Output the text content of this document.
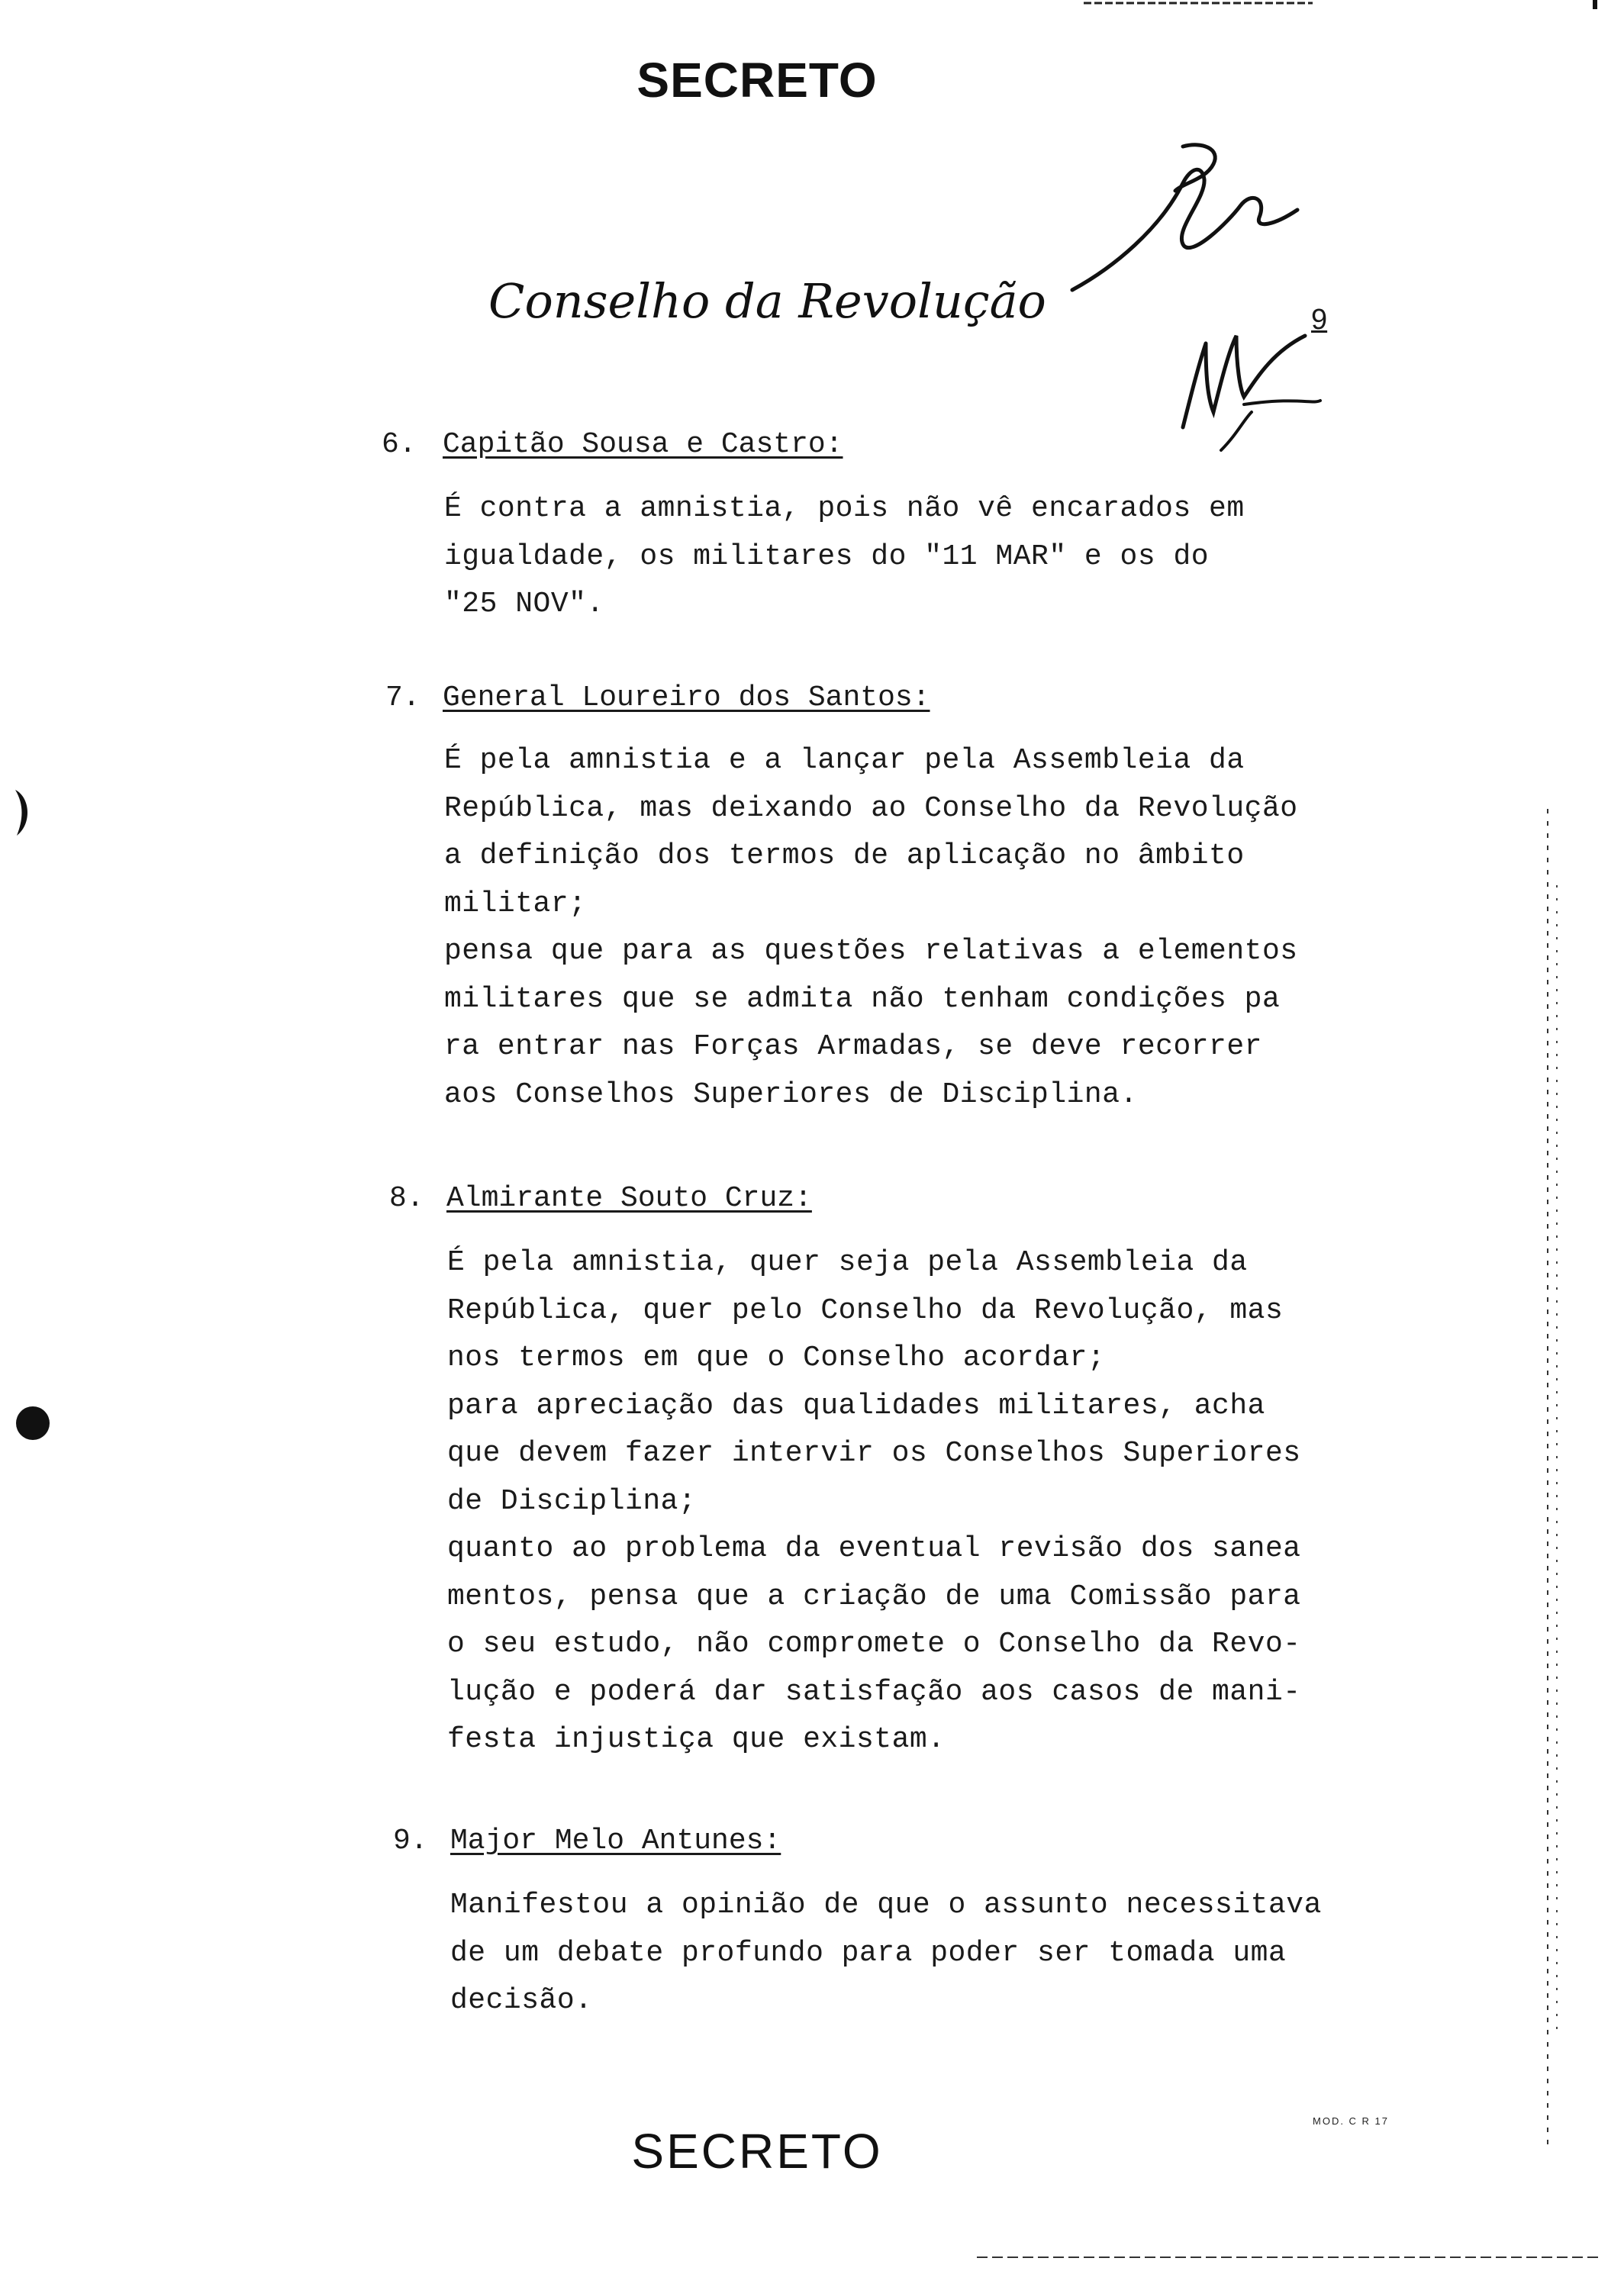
SECRETO
Conselho da Revolução	9
6. Capitão Sousa e Castro:
É contra a amnistia, pois não vê encarados em
igualdade, os militares do "11 MAR" e os do
"25 NOV".
7. General Loureiro dos Santos:
É pela amnistia e a lançar pela Assembleia da
República, mas deixando ao Conselho da Revolução
a definição dos termos de aplicação no âmbito
militar;
pensa que para as questões relativas a elementos
militares que se admita não tenham condições pa
ra entrar nas Forças Armadas, se deve recorrer
aos Conselhos Superiores de Disciplina.
8. Almirante Souto Cruz:
É pela amnistia, quer seja pela Assembleia da
República, quer pelo Conselho da Revolução, mas
nos termos em que o Conselho acordar;
para apreciação das qualidades militares, acha
que devem fazer intervir os Conselhos Superiores
de Disciplina;
quanto ao problema da eventual revisão dos sanea
mentos, pensa que a criação de uma Comissão para
o seu estudo, não compromete o Conselho da Revo-
lução e poderá dar satisfação aos casos de mani-
festa injustiça que existam.
9. Major Melo Antunes:
Manifestou a opinião de que o assunto necessitava
de um debate profundo para poder ser tomada uma
decisão.
SECRETO
MOD. C R 17
